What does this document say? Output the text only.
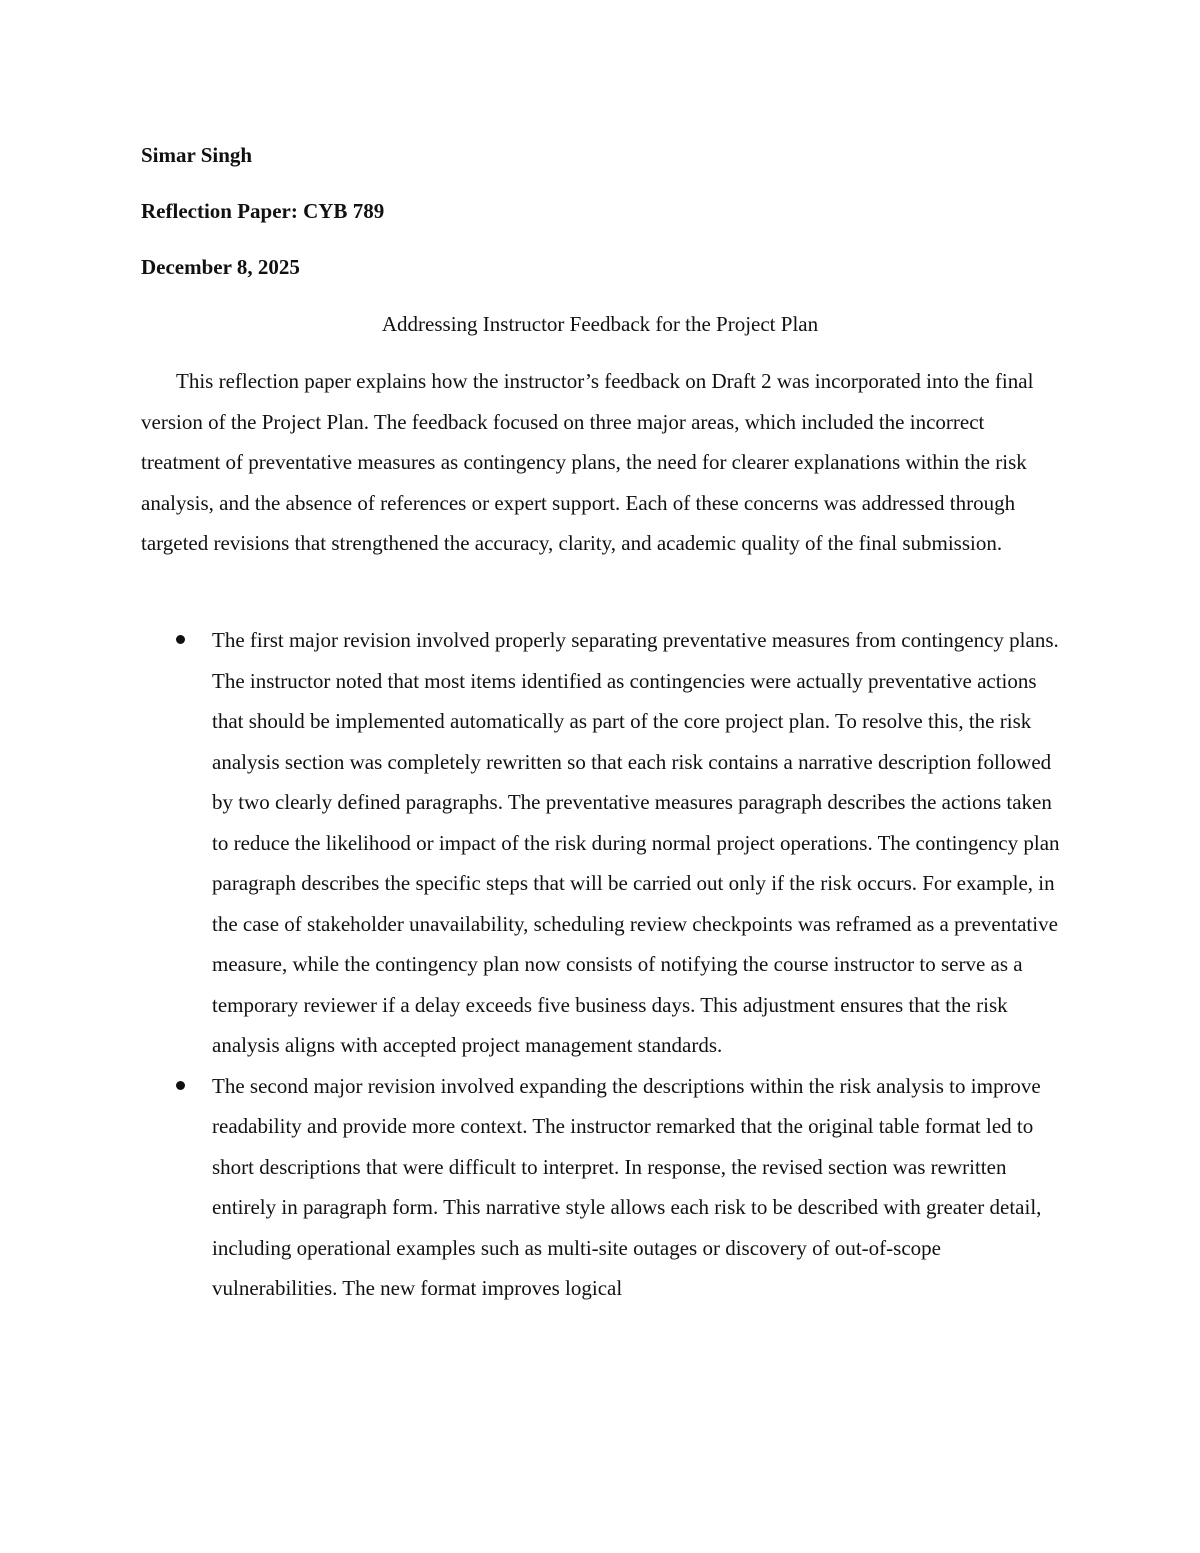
Simar Singh
Reflection Paper: CYB 789
December 8, 2025
Addressing Instructor Feedback for the Project Plan

This reflection paper explains how the instructor’s feedback on Draft 2 was incorporated into the final version of the Project Plan. The feedback focused on three major areas, which included the incorrect treatment of preventative measures as contingency plans, the need for clearer explanations within the risk analysis, and the absence of references or expert support. Each of these concerns was addressed through targeted revisions that strengthened the accuracy, clarity, and academic quality of the final submission.

The first major revision involved properly separating preventative measures from contingency plans. The instructor noted that most items identified as contingencies were actually preventative actions that should be implemented automatically as part of the core project plan. To resolve this, the risk analysis section was completely rewritten so that each risk contains a narrative description followed by two clearly defined paragraphs. The preventative measures paragraph describes the actions taken to reduce the likelihood or impact of the risk during normal project operations. The contingency plan paragraph describes the specific steps that will be carried out only if the risk occurs. For example, in the case of stakeholder unavailability, scheduling review checkpoints was reframed as a preventative measure, while the contingency plan now consists of notifying the course instructor to serve as a temporary reviewer if a delay exceeds five business days. This adjustment ensures that the risk analysis aligns with accepted project management standards.
The second major revision involved expanding the descriptions within the risk analysis to improve readability and provide more context. The instructor remarked that the original table format led to short descriptions that were difficult to interpret. In response, the revised section was rewritten entirely in paragraph form. This narrative style allows each risk to be described with greater detail, including operational examples such as multi-site outages or discovery of out-of-scope vulnerabilities. The new format improves logical
